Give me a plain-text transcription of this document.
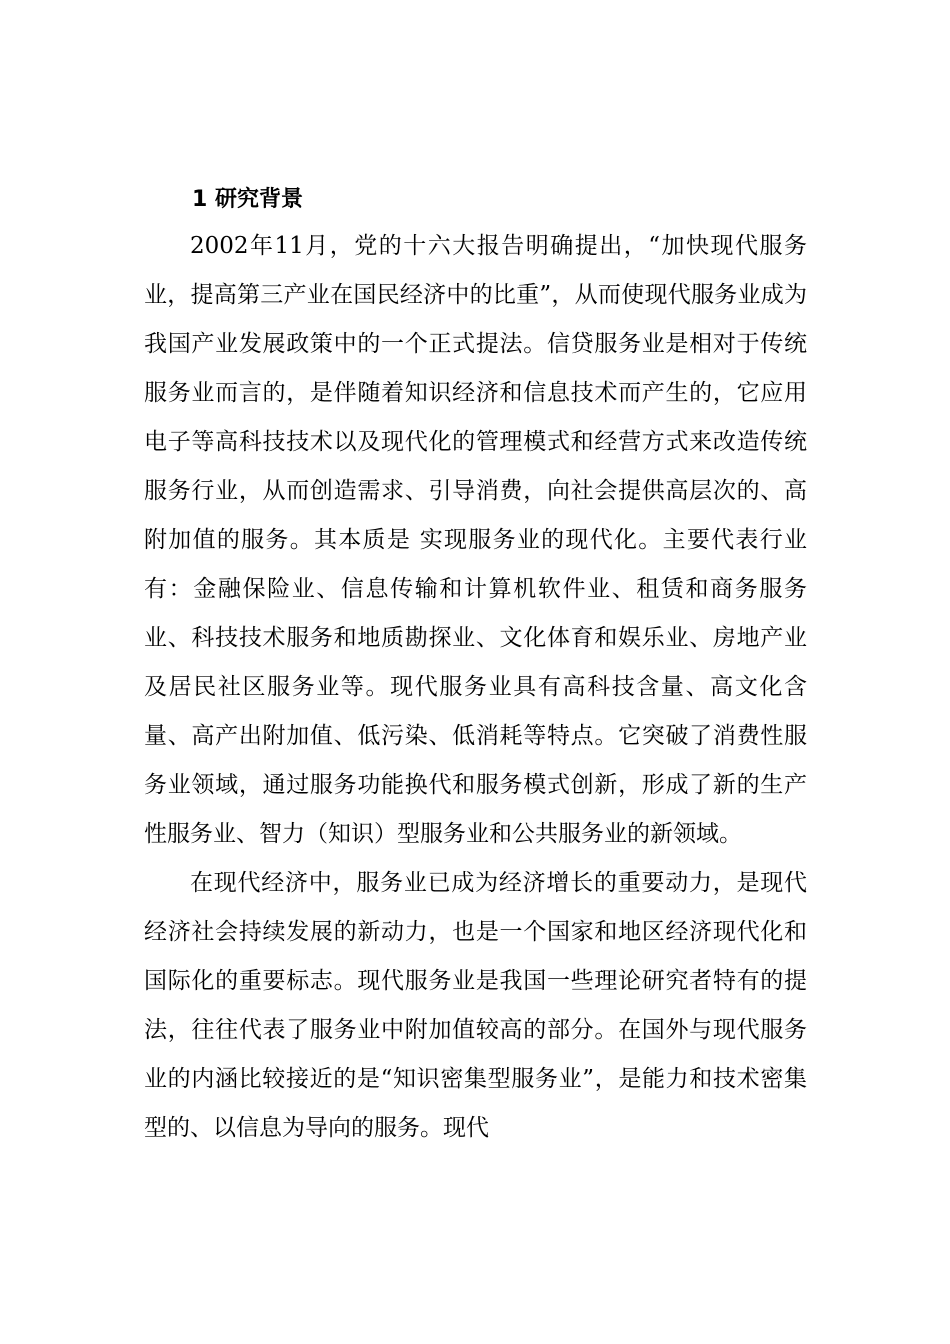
1 研究背景

2002年11月，党的十六大报告明确提出，“加快现代服务业，提高第三产业在国民经济中的比重”，从而使现代服务业成为我国产业发展政策中的一个正式提法。信贷服务业是相对于传统服务业而言的，是伴随着知识经济和信息技术而产生的，它应用电子等高科技技术以及现代化的管理模式和经营方式来改造传统服务行业，从而创造需求、引导消费，向社会提供高层次的、高附加值的服务。其本质是 实现服务业的现代化。主要代表行业有：金融保险业、信息传输和计算机软件业、租赁和商务服务业、科技技术服务和地质勘探业、文化体育和娱乐业、房地产业及居民社区服务业等。现代服务业具有高科技含量、高文化含量、高产出附加值、低污染、低消耗等特点。它突破了消费性服务业领域，通过服务功能换代和服务模式创新，形成了新的生产性服务业、智力（知识）型服务业和公共服务业的新领域。

在现代经济中，服务业已成为经济增长的重要动力，是现代经济社会持续发展的新动力，也是一个国家和地区经济现代化和国际化的重要标志。现代服务业是我国一些理论研究者特有的提法，往往代表了服务业中附加值较高的部分。在国外与现代服务业的内涵比较接近的是“知识密集型服务业”，是能力和技术密集型的、以信息为导向的服务。现代
